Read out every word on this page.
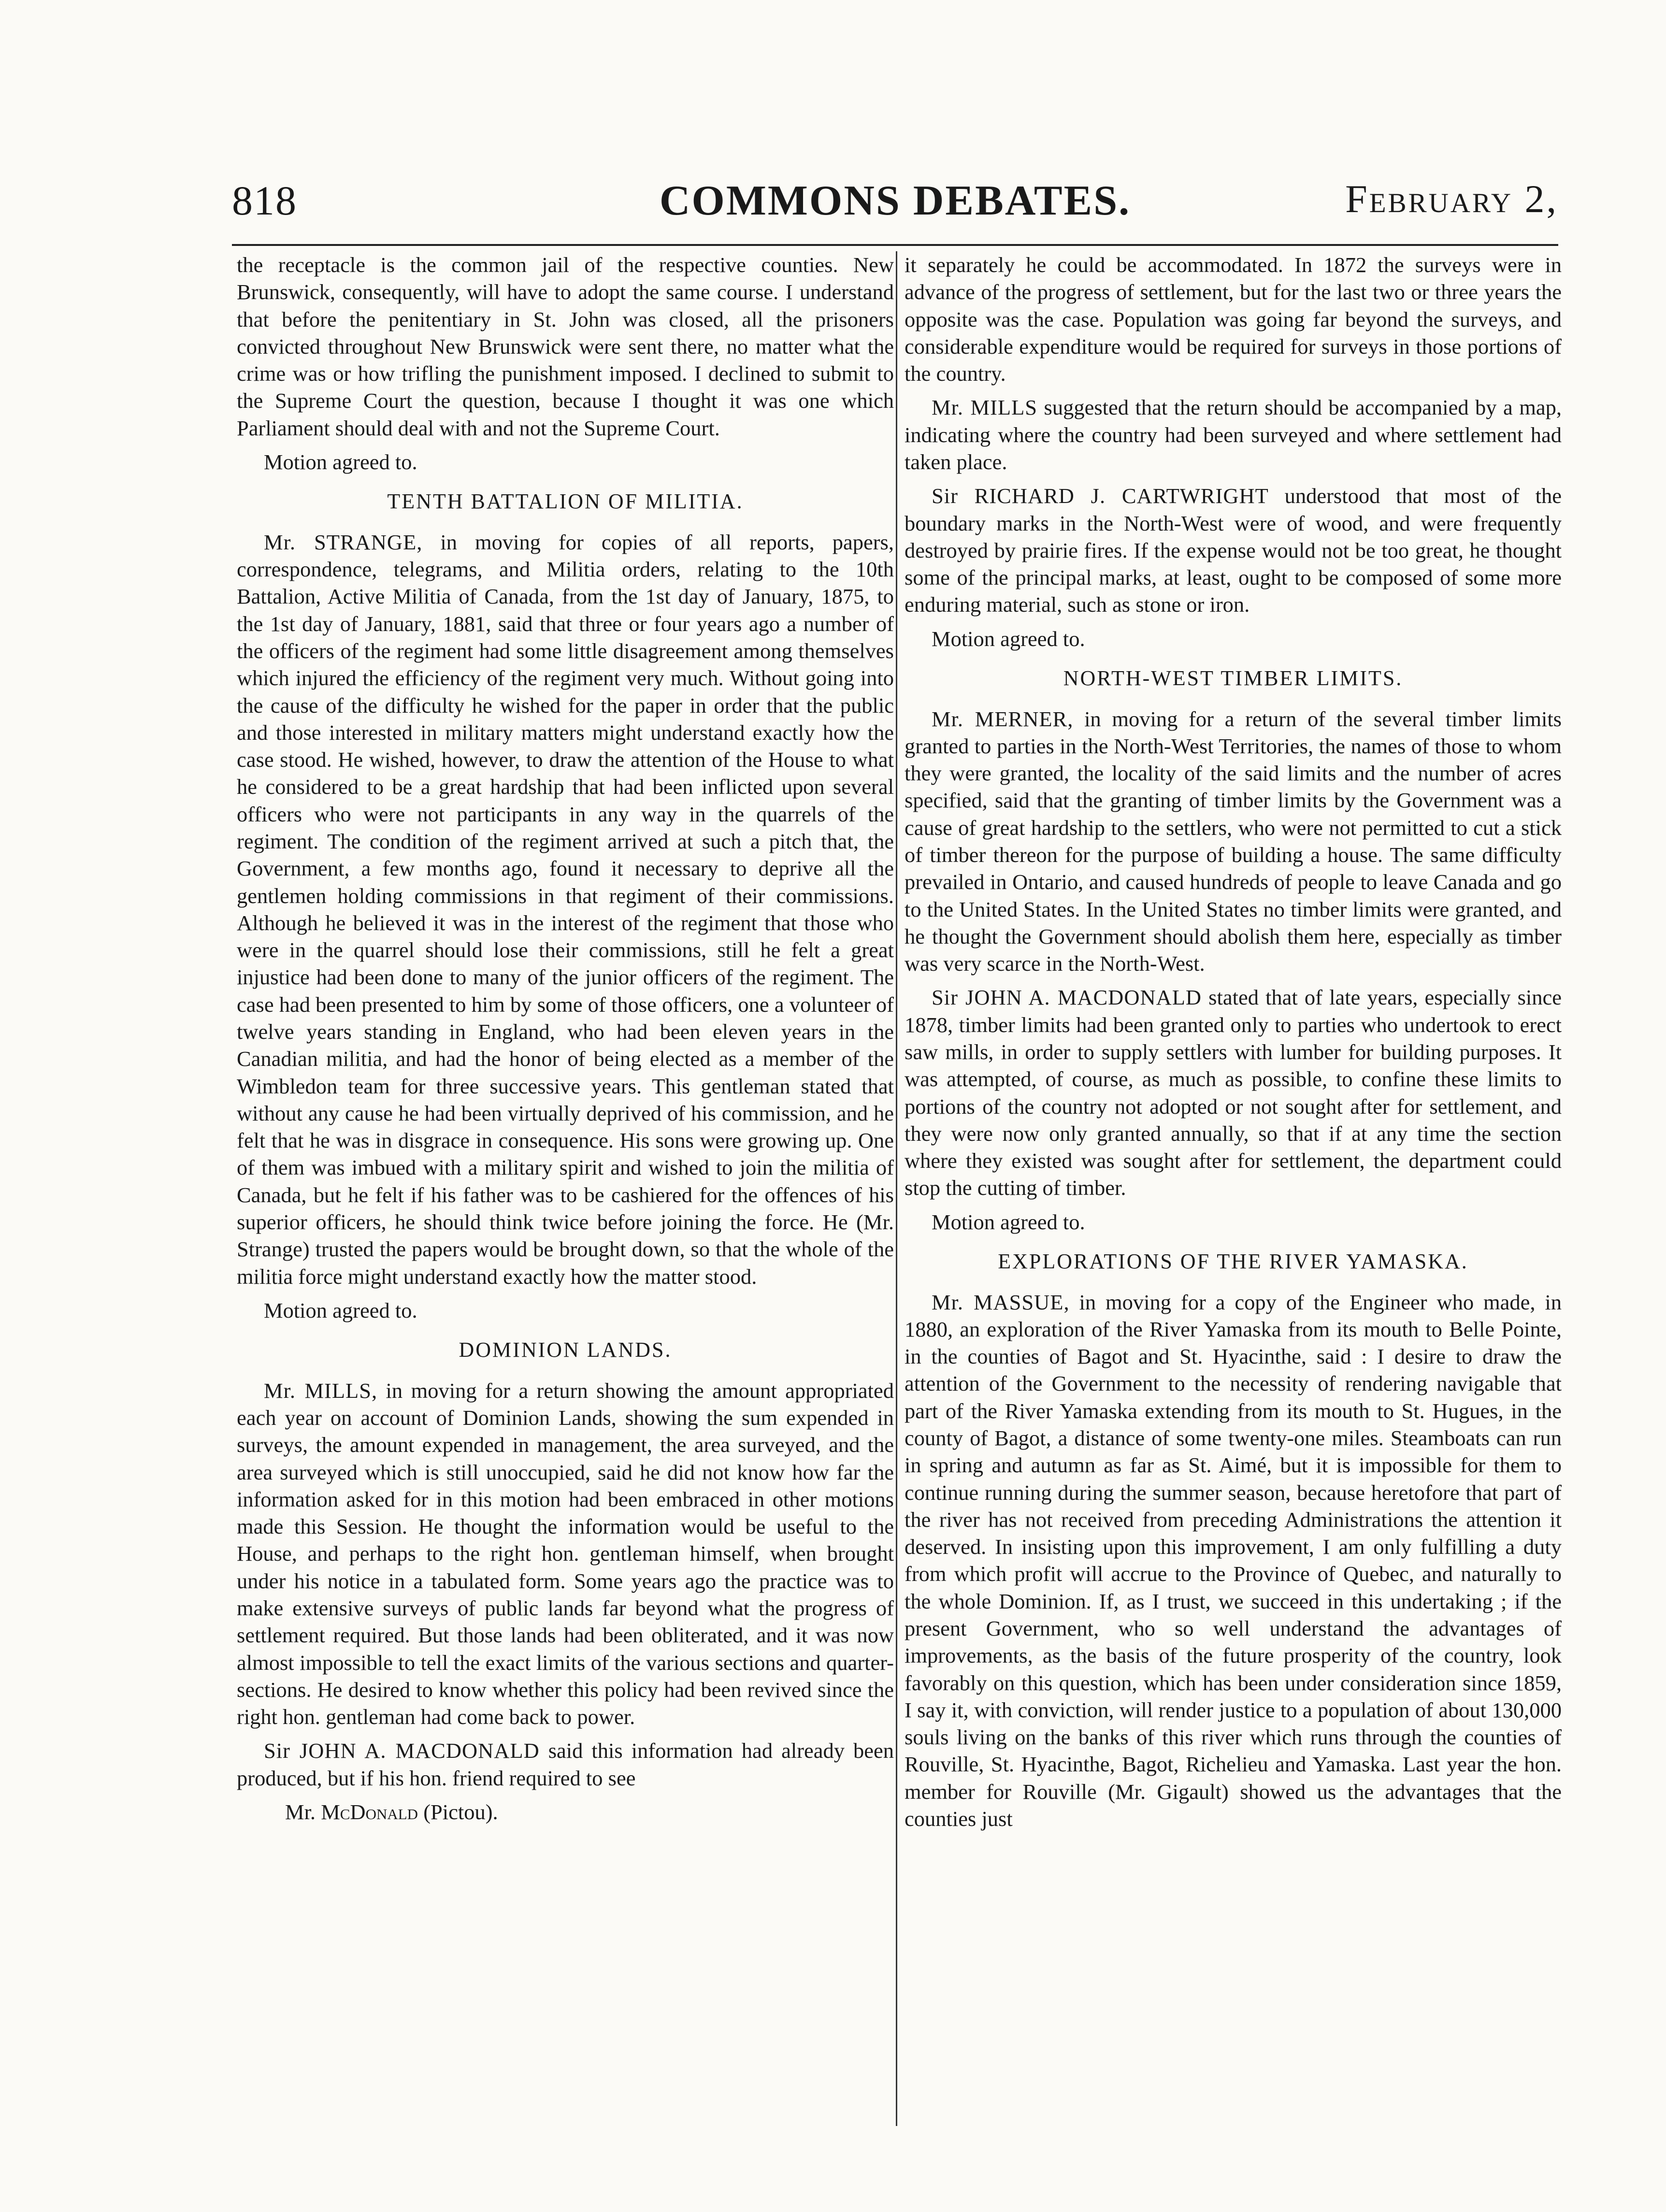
818	COMMONS DEBATES.	February 2,

the receptacle is the common jail of the respective counties. New Brunswick, consequently, will have to adopt the same course. I understand that before the penitentiary in St. John was closed, all the prisoners convicted throughout New Brunswick were sent there, no matter what the crime was or how trifling the punishment imposed. I declined to submit to the Supreme Court the question, because I thought it was one which Parliament should deal with and not the Supreme Court.

Motion agreed to.

TENTH BATTALION OF MILITIA.

Mr. STRANGE, in moving for copies of all reports, papers, correspondence, telegrams, and Militia orders, relating to the 10th Battalion, Active Militia of Canada, from the 1st day of January, 1875, to the 1st day of January, 1881, said that three or four years ago a number of the officers of the regiment had some little disagreement among themselves which injured the efficiency of the regiment very much. Without going into the cause of the difficulty he wished for the paper in order that the public and those interested in military matters might understand exactly how the case stood. He wished, however, to draw the attention of the House to what he considered to be a great hardship that had been inflicted upon several officers who were not participants in any way in the quarrels of the regiment. The condition of the regiment arrived at such a pitch that, the Government, a few months ago, found it necessary to deprive all the gentlemen holding commissions in that regiment of their commissions. Although he believed it was in the interest of the regiment that those who were in the quarrel should lose their commissions, still he felt a great injustice had been done to many of the junior officers of the regiment. The case had been presented to him by some of those officers, one a volunteer of twelve years standing in England, who had been eleven years in the Canadian militia, and had the honor of being elected as a member of the Wimbledon team for three successive years. This gentleman stated that without any cause he had been virtually deprived of his commission, and he felt that he was in disgrace in consequence. His sons were growing up. One of them was imbued with a military spirit and wished to join the militia of Canada, but he felt if his father was to be cashiered for the offences of his superior officers, he should think twice before joining the force. He (Mr. Strange) trusted the papers would be brought down, so that the whole of the militia force might understand exactly how the matter stood.

Motion agreed to.

DOMINION LANDS.

Mr. MILLS, in moving for a return showing the amount appropriated each year on account of Dominion Lands, showing the sum expended in surveys, the amount expended in management, the area surveyed, and the area surveyed which is still unoccupied, said he did not know how far the information asked for in this motion had been embraced in other motions made this Session. He thought the information would be useful to the House, and perhaps to the right hon. gentleman himself, when brought under his notice in a tabulated form. Some years ago the practice was to make extensive surveys of public lands far beyond what the progress of settlement required. But those lands had been obliterated, and it was now almost impossible to tell the exact limits of the various sections and quarter-sections. He desired to know whether this policy had been revived since the right hon. gentleman had come back to power.

Sir JOHN A. MACDONALD said this information had already been produced, but if his hon. friend required to see

Mr. McDonald (Pictou).

it separately he could be accommodated. In 1872 the surveys were in advance of the progress of settlement, but for the last two or three years the opposite was the case. Population was going far beyond the surveys, and considerable expenditure would be required for surveys in those portions of the country.

Mr. MILLS suggested that the return should be accompanied by a map, indicating where the country had been surveyed and where settlement had taken place.

Sir RICHARD J. CARTWRIGHT understood that most of the boundary marks in the North-West were of wood, and were frequently destroyed by prairie fires. If the expense would not be too great, he thought some of the principal marks, at least, ought to be composed of some more enduring material, such as stone or iron.

Motion agreed to.

NORTH-WEST TIMBER LIMITS.

Mr. MERNER, in moving for a return of the several timber limits granted to parties in the North-West Territories, the names of those to whom they were granted, the locality of the said limits and the number of acres specified, said that the granting of timber limits by the Government was a cause of great hardship to the settlers, who were not permitted to cut a stick of timber thereon for the purpose of building a house. The same difficulty prevailed in Ontario, and caused hundreds of people to leave Canada and go to the United States. In the United States no timber limits were granted, and he thought the Government should abolish them here, especially as timber was very scarce in the North-West.

Sir JOHN A. MACDONALD stated that of late years, especially since 1878, timber limits had been granted only to parties who undertook to erect saw mills, in order to supply settlers with lumber for building purposes. It was attempted, of course, as much as possible, to confine these limits to portions of the country not adopted or not sought after for settlement, and they were now only granted annually, so that if at any time the section where they existed was sought after for settlement, the department could stop the cutting of timber.

Motion agreed to.

EXPLORATIONS OF THE RIVER YAMASKA.

Mr. MASSUE, in moving for a copy of the Engineer who made, in 1880, an exploration of the River Yamaska from its mouth to Belle Pointe, in the counties of Bagot and St. Hyacinthe, said : I desire to draw the attention of the Government to the necessity of rendering navigable that part of the River Yamaska extending from its mouth to St. Hugues, in the county of Bagot, a distance of some twenty-one miles. Steamboats can run in spring and autumn as far as St. Aimé, but it is impossible for them to continue running during the summer season, because heretofore that part of the river has not received from preceding Administrations the attention it deserved. In insisting upon this improvement, I am only fulfilling a duty from which profit will accrue to the Province of Quebec, and naturally to the whole Dominion. If, as I trust, we succeed in this undertaking ; if the present Government, who so well understand the advantages of improvements, as the basis of the future prosperity of the country, look favorably on this question, which has been under consideration since 1859, I say it, with conviction, will render justice to a population of about 130,000 souls living on the banks of this river which runs through the counties of Rouville, St. Hyacinthe, Bagot, Richelieu and Yamaska. Last year the hon. member for Rouville (Mr. Gigault) showed us the advantages that the counties just
